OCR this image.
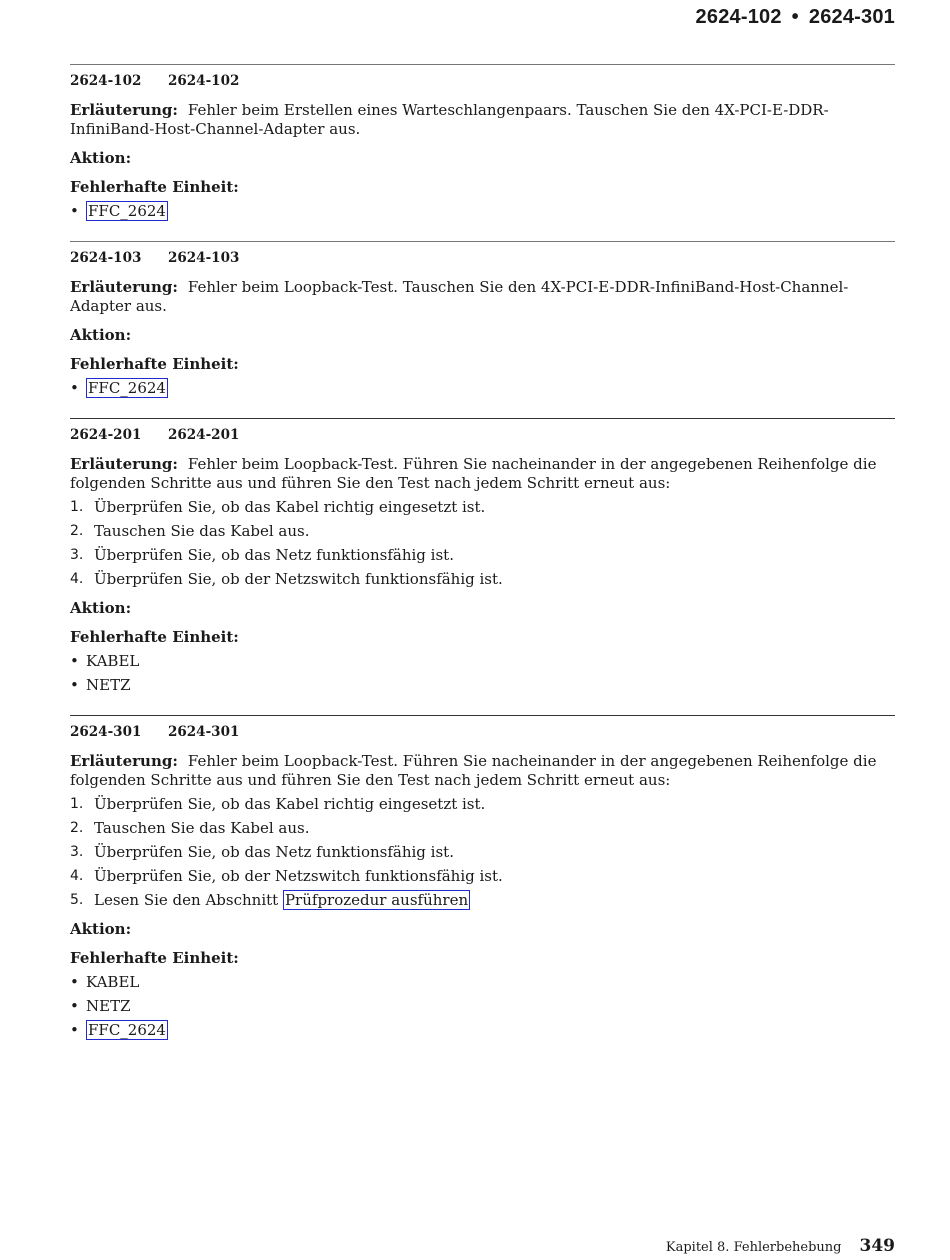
2624-102 • 2624-301
2624-102 2624-102
Erläuterung: Fehler beim Erstellen eines Warteschlangenpaars. Tauschen Sie den 4X-PCI-E-DDR-InfiniBand-Host-Channel-Adapter aus.
Aktion:
Fehlerhafte Einheit:
• FFC_2624
2624-103 2624-103
Erläuterung: Fehler beim Loopback-Test. Tauschen Sie den 4X-PCI-E-DDR-InfiniBand-Host-Channel-Adapter aus.
Aktion:
Fehlerhafte Einheit:
• FFC_2624
2624-201 2624-201
Erläuterung: Fehler beim Loopback-Test. Führen Sie nacheinander in der angegebenen Reihenfolge die folgenden Schritte aus und führen Sie den Test nach jedem Schritt erneut aus:
1. Überprüfen Sie, ob das Kabel richtig eingesetzt ist.
2. Tauschen Sie das Kabel aus.
3. Überprüfen Sie, ob das Netz funktionsfähig ist.
4. Überprüfen Sie, ob der Netzswitch funktionsfähig ist.
Aktion:
Fehlerhafte Einheit:
• KABEL
• NETZ
2624-301 2624-301
Erläuterung: Fehler beim Loopback-Test. Führen Sie nacheinander in der angegebenen Reihenfolge die folgenden Schritte aus und führen Sie den Test nach jedem Schritt erneut aus:
1. Überprüfen Sie, ob das Kabel richtig eingesetzt ist.
2. Tauschen Sie das Kabel aus.
3. Überprüfen Sie, ob das Netz funktionsfähig ist.
4. Überprüfen Sie, ob der Netzswitch funktionsfähig ist.
5. Lesen Sie den Abschnitt Prüfprozedur ausführen
Aktion:
Fehlerhafte Einheit:
• KABEL
• NETZ
• FFC_2624
Kapitel 8. Fehlerbehebung 349
